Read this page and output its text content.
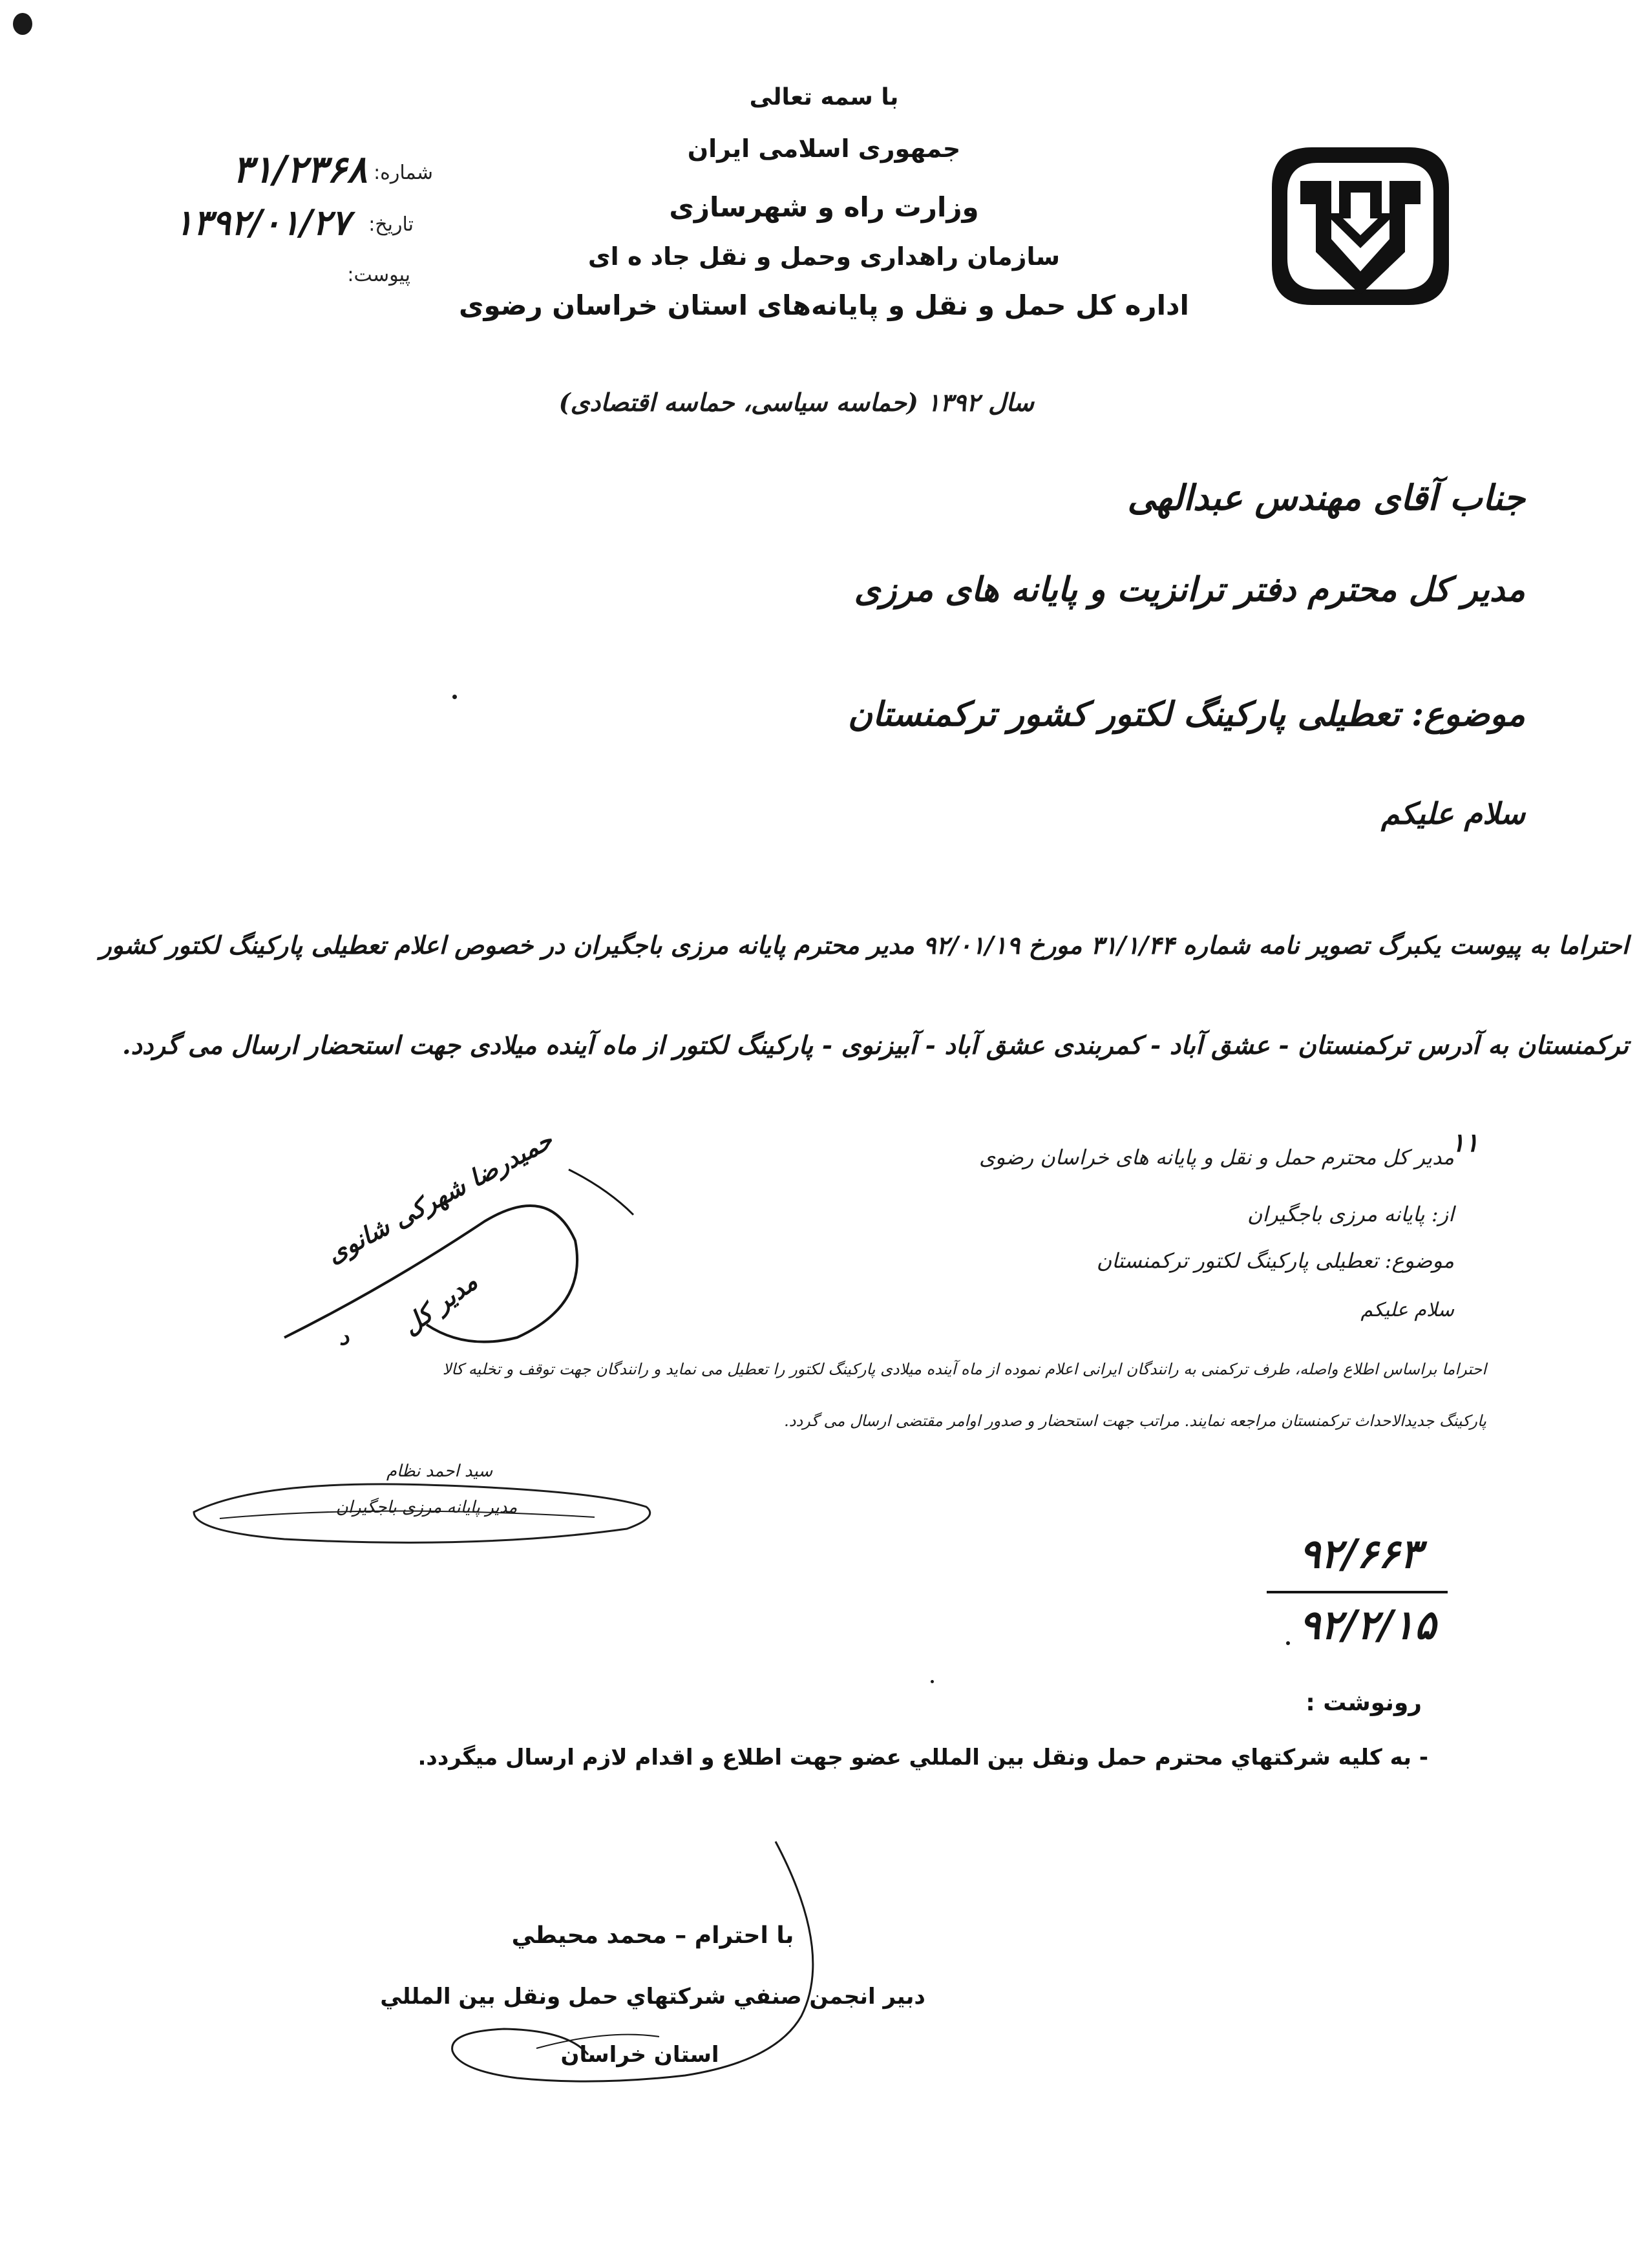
با سمه تعالی
جمهوری اسلامی ایران
وزارت راه و شهرسازی
سازمان راهداری وحمل و نقل جاد ه ای
اداره کل حمل و نقل و پایانه‌های استان خراسان رضوی
شماره:
۳۱/۲۳۶۸
تاریخ:
۱۳۹۲/۰۱/۲۷
پیوست:
سال ۱۳۹۲ (حماسه سیاسی، حماسه اقتصادی)
جناب آقای مهندس عبدالهی
مدیر کل محترم دفتر ترانزیت و پایانه های مرزی
موضوع: تعطیلی پارکینگ لکتور کشور ترکمنستان
سلام علیکم
احتراما به پیوست یکبرگ تصویر نامه شماره ۳۱/۱/۴۴ مورخ ۹۲/۰۱/۱۹ مدیر محترم پایانه مرزی باجگیران در خصوص اعلام تعطیلی پارکینگ لکتور کشور
ترکمنستان به آدرس ترکمنستان - عشق آباد - کمربندی عشق آباد - آبیزنوی - پارکینگ لکتور از ماه آینده میلادی جهت استحضار ارسال می گردد.
۱۱
مدیر کل محترم حمل و نقل و پایانه های خراسان رضوی
از: پایانه مرزی باجگیران
موضوع: تعطیلی پارکینگ لکتور ترکمنستان
سلام علیکم
احتراما براساس اطلاع واصله، طرف ترکمنی به رانندگان ایرانی اعلام نموده از ماه آینده میلادی پارکینگ لکتور را تعطیل می نماید و رانندگان جهت توقف و تخلیه کالا
پارکینگ جدیدالاحداث ترکمنستان مراجعه نمایند. مراتب جهت استحضار و صدور اوامر مقتضی ارسال می گردد.
سید احمد نظام
مدیر پایانه مرزی باجگیران
حمیدرضا شهرکی شانوی
مدیر کل
د
۹۲/۶۶۳
۹۲/۲/۱۵
رونوشت :
- به کلیه شرکتهاي محترم حمل ونقل بین المللي عضو جهت اطلاع و اقدام لازم ارسال میگردد.
با احترام – محمد محیطي
دبیر انجمن صنفي شرکتهاي حمل ونقل بین المللي
استان خراسان
